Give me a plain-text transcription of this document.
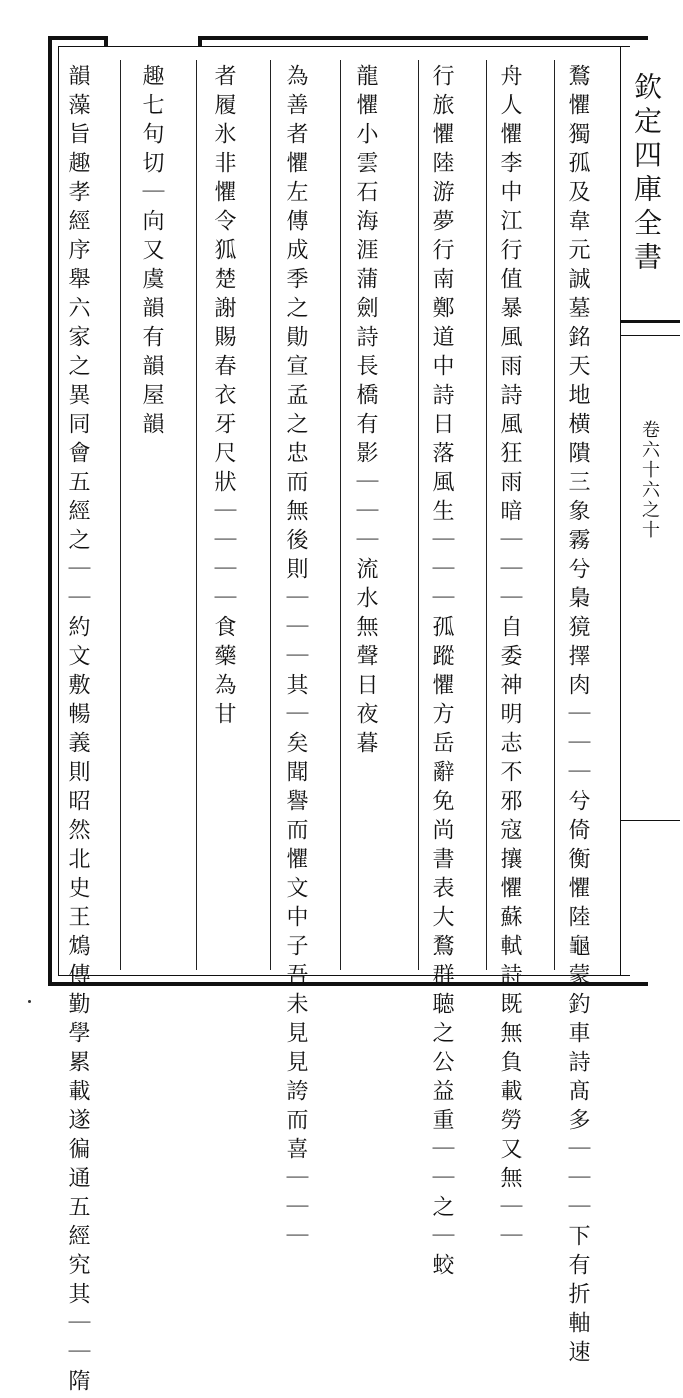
欽定四庫全書
卷六十六之十
鶩懼獨孤及韋元誠墓銘天地横隤三象霧兮梟獍擇肉｜｜｜兮倚衡懼陸龜蒙釣車詩髙多｜｜｜下有折軸速
舟人懼李中江行值暴風雨詩風狂雨暗｜｜｜自委神明志不邪寇攘懼蘇軾詩既無負載勞又無｜｜
行旅懼陸游夢行南鄭道中詩日落風生｜｜｜孤蹤懼方岳辭免尚書表大鶩群聴之公益重｜｜之｜蛟
龍懼小雲石海涯蒲劍詩長橋有影｜｜｜流水無聲日夜暮
為善者懼左傳成季之勛宣孟之忠而無後則｜｜｜其｜矣聞譽而懼文中子吾未見見誇而喜｜｜｜
者履氷非懼令狐楚謝賜春衣牙尺狀｜｜｜｜食藥為甘
趣七句切｜向又虞韻有韻屋韻
韻藻旨趣孝經序舉六家之異同會五經之｜｜約文敷暢義則昭然北史王鴆傳勤學累載遂徧通五經究其｜｜隋
